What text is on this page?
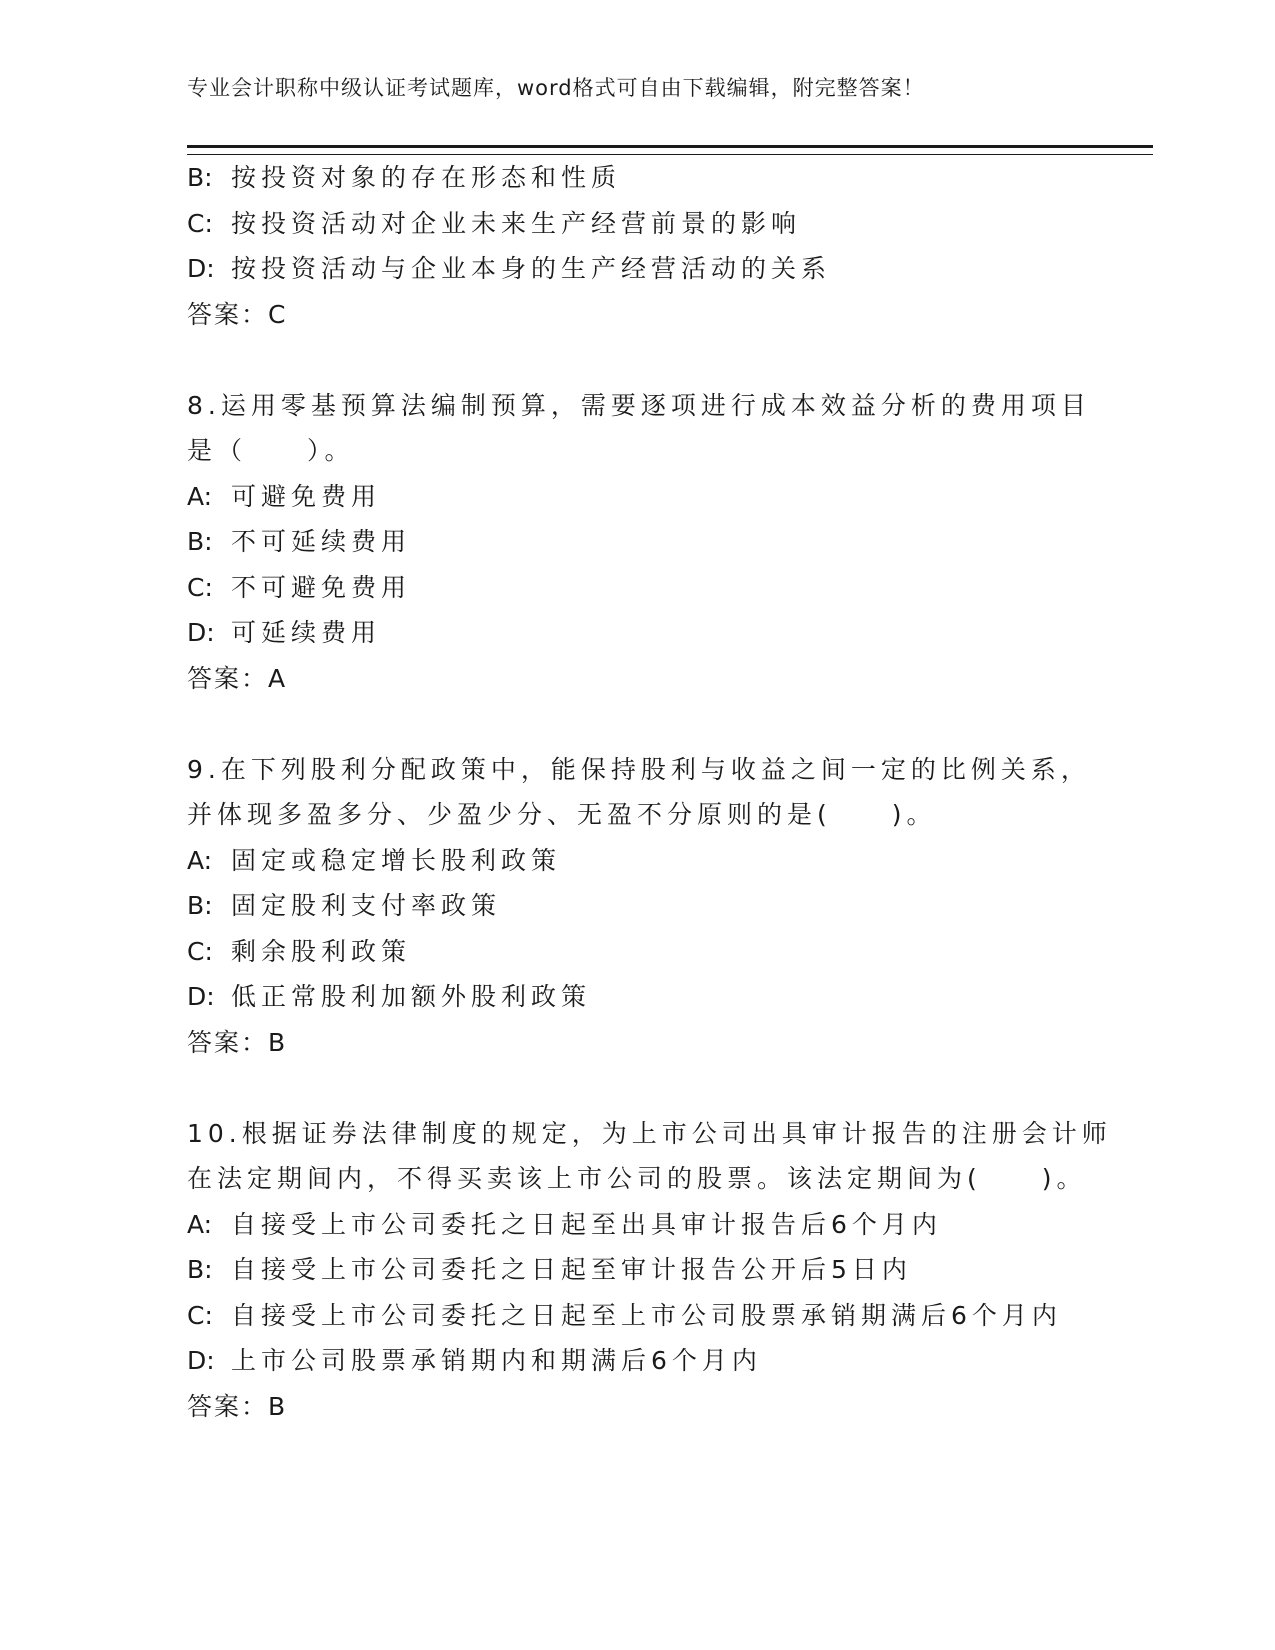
专业会计职称中级认证考试题库，word格式可自由下载编辑，附完整答案！
B: 按投资对象的存在形态和性质
C: 按投资活动对企业未来生产经营前景的影响
D: 按投资活动与企业本身的生产经营活动的关系
答案：C
8.运用零基预算法编制预算，需要逐项进行成本效益分析的费用项目
是（　　）。
A: 可避免费用
B: 不可延续费用
C: 不可避免费用
D: 可延续费用
答案：A
9.在下列股利分配政策中，能保持股利与收益之间一定的比例关系，
并体现多盈多分、少盈少分、无盈不分原则的是(　　)。
A: 固定或稳定增长股利政策
B: 固定股利支付率政策
C: 剩余股利政策
D: 低正常股利加额外股利政策
答案：B
10.根据证券法律制度的规定，为上市公司出具审计报告的注册会计师
在法定期间内，不得买卖该上市公司的股票。该法定期间为(　　)。
A: 自接受上市公司委托之日起至出具审计报告后6个月内
B: 自接受上市公司委托之日起至审计报告公开后5日内
C: 自接受上市公司委托之日起至上市公司股票承销期满后6个月内
D: 上市公司股票承销期内和期满后6个月内
答案：B
